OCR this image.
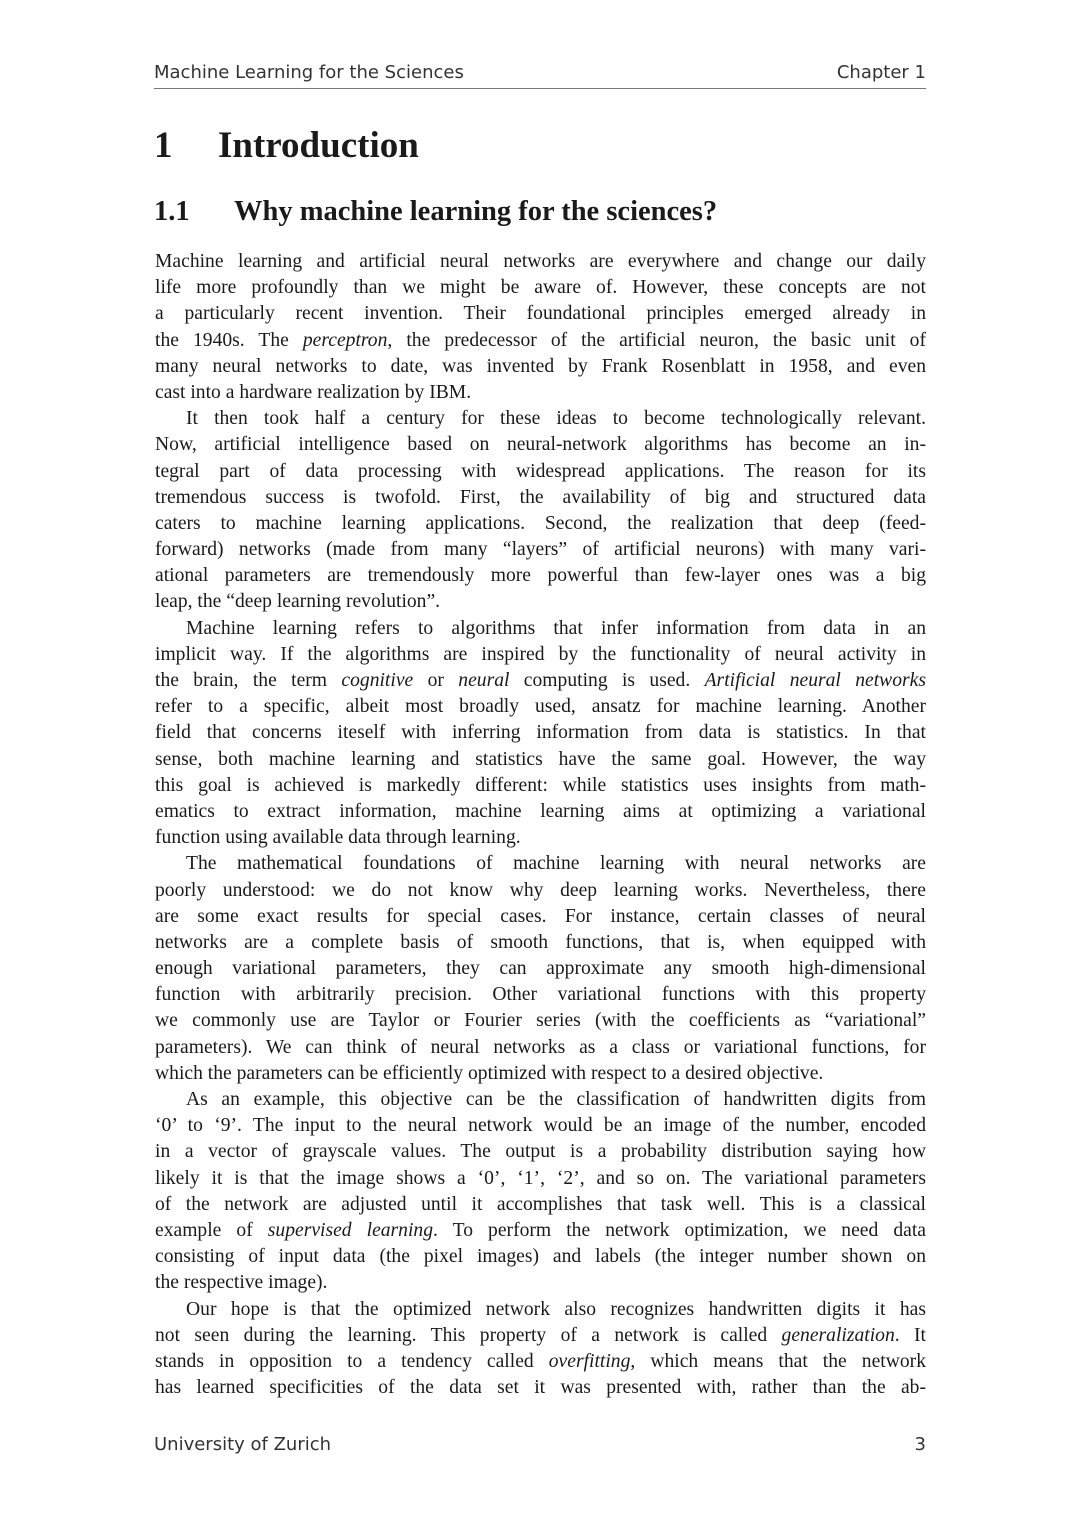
Machine Learning for the Sciences	Chapter 1
1 Introduction
1.1 Why machine learning for the sciences?
Machine learning and artificial neural networks are everywhere and change our daily
life more profoundly than we might be aware of. However, these concepts are not
a particularly recent invention. Their foundational principles emerged already in
the 1940s. The perceptron, the predecessor of the artificial neuron, the basic unit of
many neural networks to date, was invented by Frank Rosenblatt in 1958, and even
cast into a hardware realization by IBM.
It then took half a century for these ideas to become technologically relevant.
Now, artificial intelligence based on neural-network algorithms has become an in-
tegral part of data processing with widespread applications. The reason for its
tremendous success is twofold. First, the availability of big and structured data
caters to machine learning applications. Second, the realization that deep (feed-
forward) networks (made from many “layers” of artificial neurons) with many vari-
ational parameters are tremendously more powerful than few-layer ones was a big
leap, the “deep learning revolution”.
Machine learning refers to algorithms that infer information from data in an
implicit way. If the algorithms are inspired by the functionality of neural activity in
the brain, the term cognitive or neural computing is used. Artificial neural networks
refer to a specific, albeit most broadly used, ansatz for machine learning. Another
field that concerns iteself with inferring information from data is statistics. In that
sense, both machine learning and statistics have the same goal. However, the way
this goal is achieved is markedly different: while statistics uses insights from math-
ematics to extract information, machine learning aims at optimizing a variational
function using available data through learning.
The mathematical foundations of machine learning with neural networks are
poorly understood: we do not know why deep learning works. Nevertheless, there
are some exact results for special cases. For instance, certain classes of neural
networks are a complete basis of smooth functions, that is, when equipped with
enough variational parameters, they can approximate any smooth high-dimensional
function with arbitrarily precision. Other variational functions with this property
we commonly use are Taylor or Fourier series (with the coefficients as “variational”
parameters). We can think of neural networks as a class or variational functions, for
which the parameters can be efficiently optimized with respect to a desired objective.
As an example, this objective can be the classification of handwritten digits from
‘0’ to ‘9’. The input to the neural network would be an image of the number, encoded
in a vector of grayscale values. The output is a probability distribution saying how
likely it is that the image shows a ‘0’, ‘1’, ‘2’, and so on. The variational parameters
of the network are adjusted until it accomplishes that task well. This is a classical
example of supervised learning. To perform the network optimization, we need data
consisting of input data (the pixel images) and labels (the integer number shown on
the respective image).
Our hope is that the optimized network also recognizes handwritten digits it has
not seen during the learning. This property of a network is called generalization. It
stands in opposition to a tendency called overfitting, which means that the network
has learned specificities of the data set it was presented with, rather than the ab-
University of Zurich	3
